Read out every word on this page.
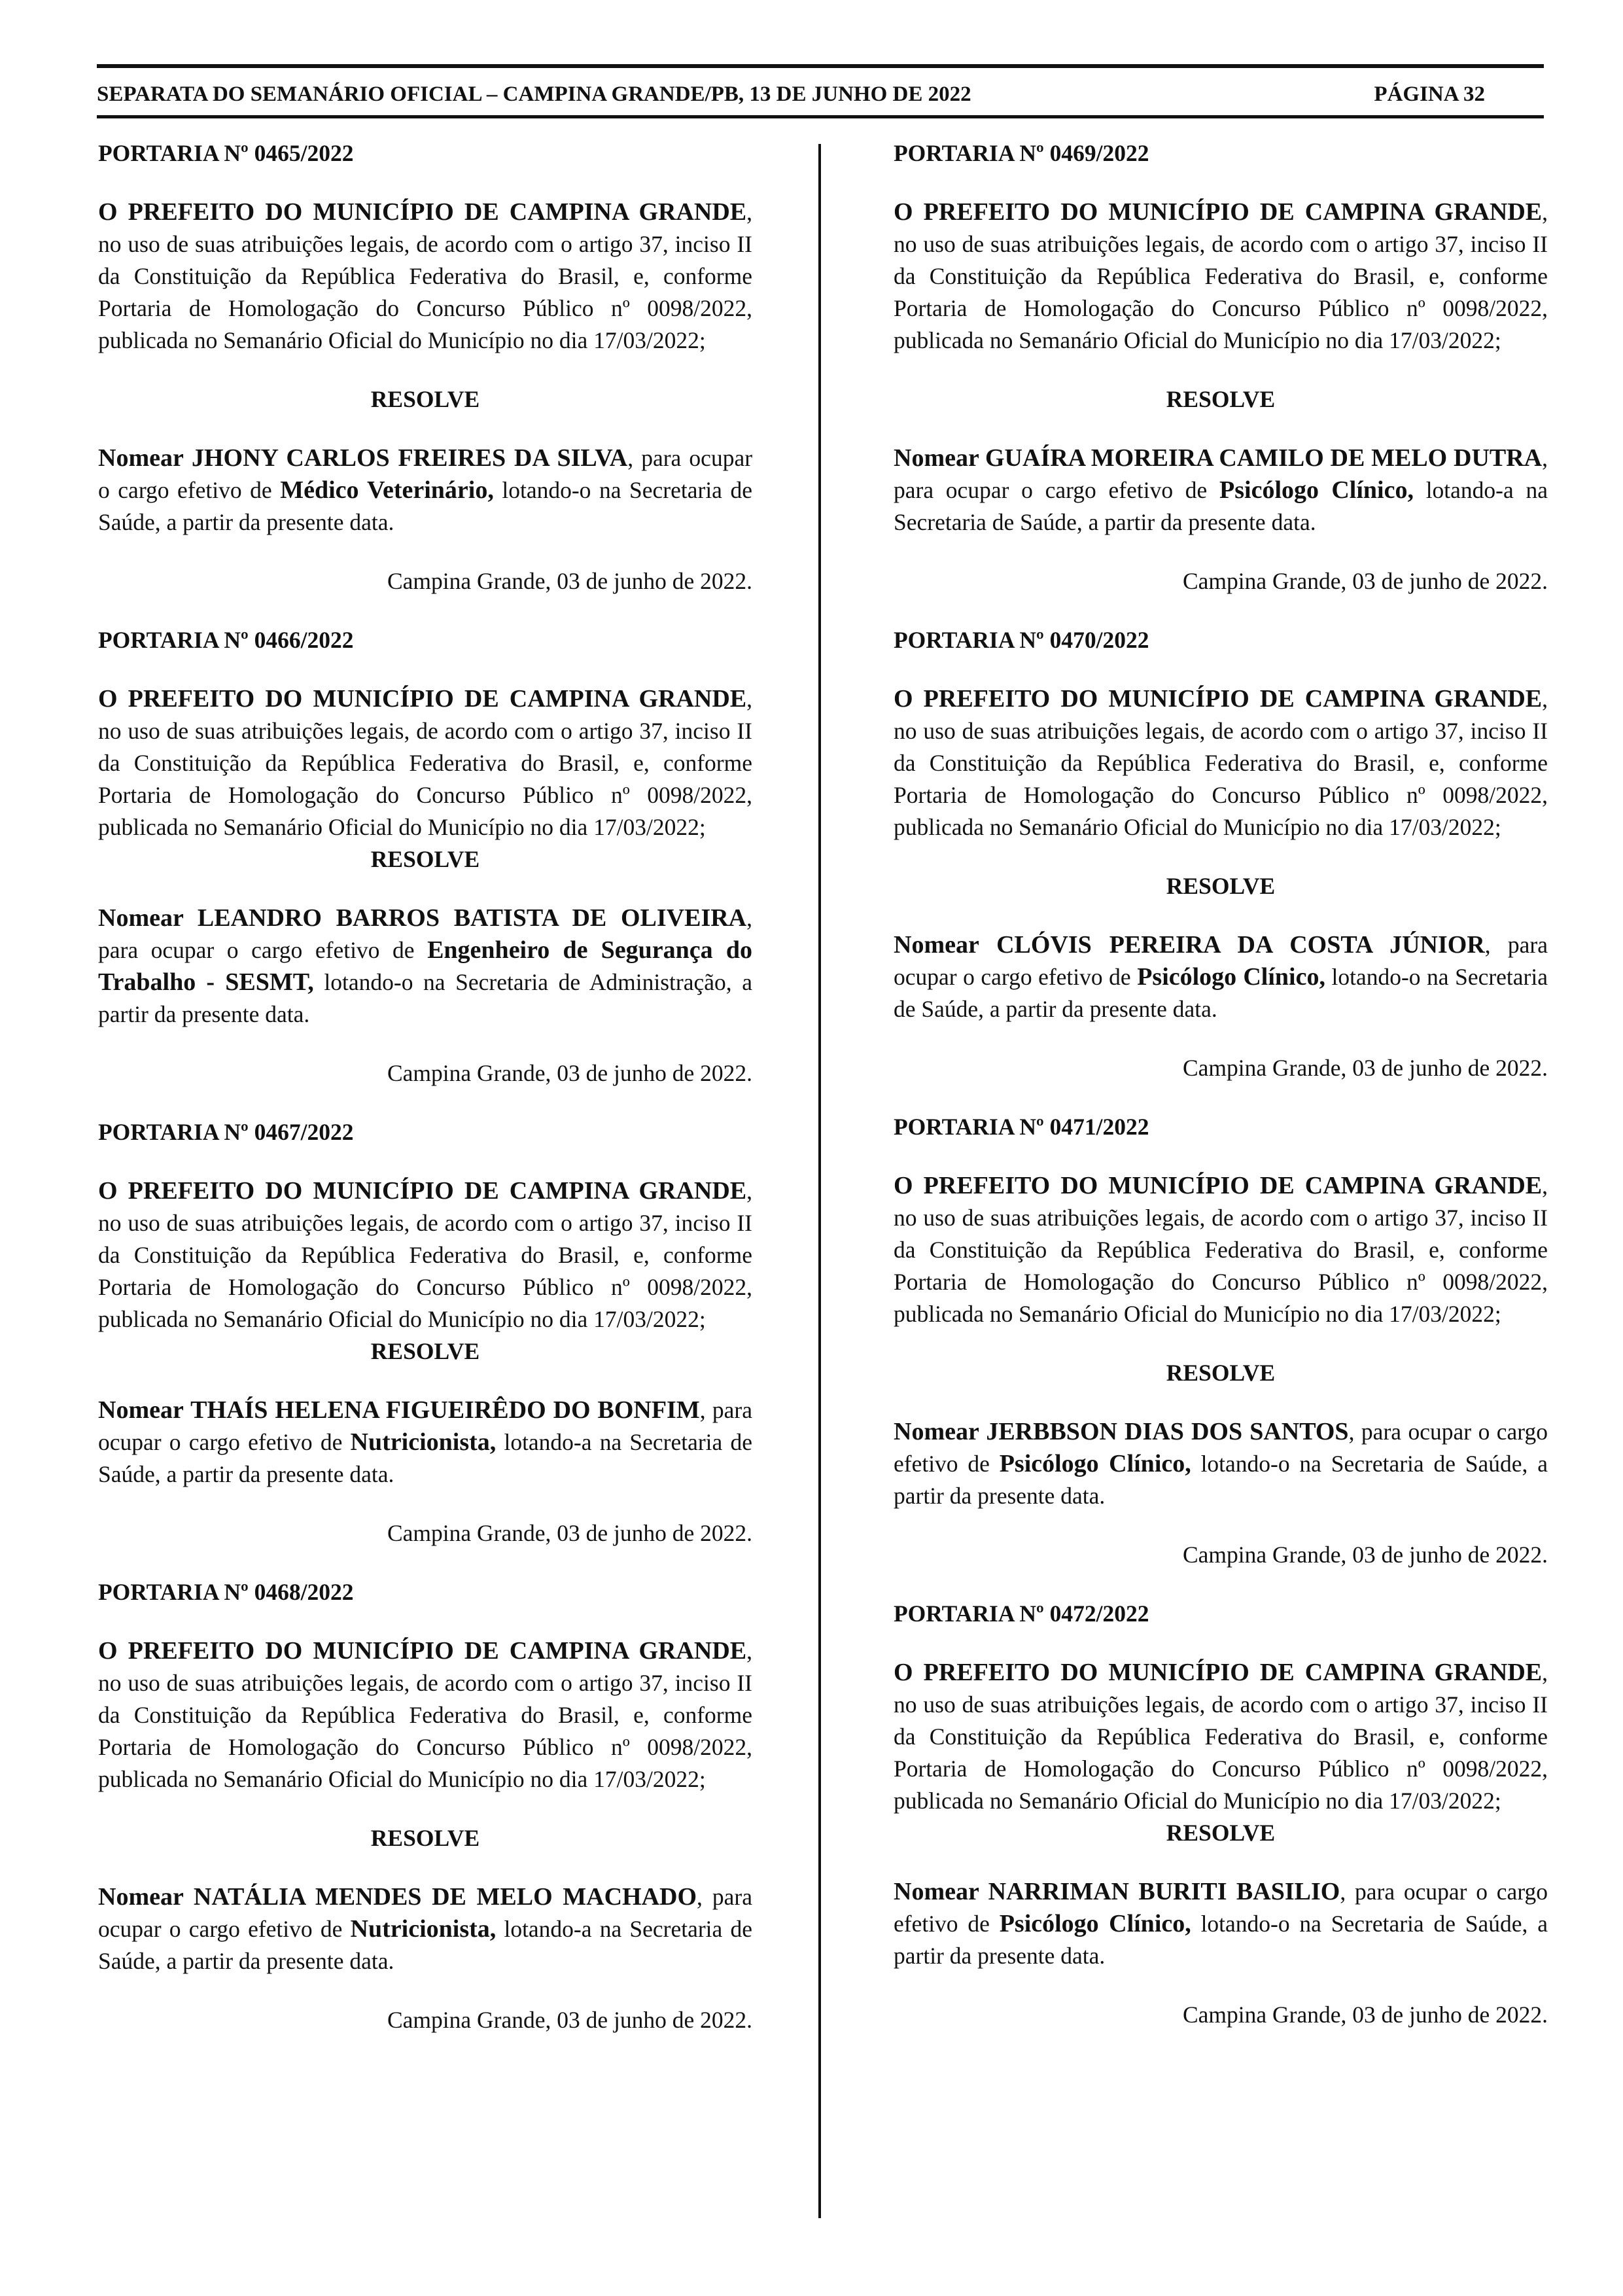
SEPARATA DO SEMANÁRIO OFICIAL – CAMPINA GRANDE/PB, 13 DE JUNHO DE 2022	PÁGINA 32

PORTARIA Nº 0465/2022

O PREFEITO DO MUNICÍPIO DE CAMPINA GRANDE, no uso de suas atribuições legais, de acordo com o artigo 37, inciso II da Constituição da República Federativa do Brasil, e, conforme Portaria de Homologação do Concurso Público nº 0098/2022, publicada no Semanário Oficial do Município no dia 17/03/2022;

RESOLVE

Nomear JHONY CARLOS FREIRES DA SILVA, para ocupar o cargo efetivo de Médico Veterinário, lotando-o na Secretaria de Saúde, a partir da presente data.

Campina Grande, 03 de junho de 2022.

PORTARIA Nº 0466/2022

O PREFEITO DO MUNICÍPIO DE CAMPINA GRANDE, no uso de suas atribuições legais, de acordo com o artigo 37, inciso II da Constituição da República Federativa do Brasil, e, conforme Portaria de Homologação do Concurso Público nº 0098/2022, publicada no Semanário Oficial do Município no dia 17/03/2022;

RESOLVE

Nomear LEANDRO BARROS BATISTA DE OLIVEIRA, para ocupar o cargo efetivo de Engenheiro de Segurança do Trabalho - SESMT, lotando-o na Secretaria de Administração, a partir da presente data.

Campina Grande, 03 de junho de 2022.

PORTARIA Nº 0467/2022

O PREFEITO DO MUNICÍPIO DE CAMPINA GRANDE, no uso de suas atribuições legais, de acordo com o artigo 37, inciso II da Constituição da República Federativa do Brasil, e, conforme Portaria de Homologação do Concurso Público nº 0098/2022, publicada no Semanário Oficial do Município no dia 17/03/2022;

RESOLVE

Nomear THAÍS HELENA FIGUEIRÊDO DO BONFIM, para ocupar o cargo efetivo de Nutricionista, lotando-a na Secretaria de Saúde, a partir da presente data.

Campina Grande, 03 de junho de 2022.

PORTARIA Nº 0468/2022

O PREFEITO DO MUNICÍPIO DE CAMPINA GRANDE, no uso de suas atribuições legais, de acordo com o artigo 37, inciso II da Constituição da República Federativa do Brasil, e, conforme Portaria de Homologação do Concurso Público nº 0098/2022, publicada no Semanário Oficial do Município no dia 17/03/2022;

RESOLVE

Nomear NATÁLIA MENDES DE MELO MACHADO, para ocupar o cargo efetivo de Nutricionista, lotando-a na Secretaria de Saúde, a partir da presente data.

Campina Grande, 03 de junho de 2022.

PORTARIA Nº 0469/2022

O PREFEITO DO MUNICÍPIO DE CAMPINA GRANDE, no uso de suas atribuições legais, de acordo com o artigo 37, inciso II da Constituição da República Federativa do Brasil, e, conforme Portaria de Homologação do Concurso Público nº 0098/2022, publicada no Semanário Oficial do Município no dia 17/03/2022;

RESOLVE

Nomear GUAÍRA MOREIRA CAMILO DE MELO DUTRA, para ocupar o cargo efetivo de Psicólogo Clínico, lotando-a na Secretaria de Saúde, a partir da presente data.

Campina Grande, 03 de junho de 2022.

PORTARIA Nº 0470/2022

O PREFEITO DO MUNICÍPIO DE CAMPINA GRANDE, no uso de suas atribuições legais, de acordo com o artigo 37, inciso II da Constituição da República Federativa do Brasil, e, conforme Portaria de Homologação do Concurso Público nº 0098/2022, publicada no Semanário Oficial do Município no dia 17/03/2022;

RESOLVE

Nomear CLÓVIS PEREIRA DA COSTA JÚNIOR, para ocupar o cargo efetivo de Psicólogo Clínico, lotando-o na Secretaria de Saúde, a partir da presente data.

Campina Grande, 03 de junho de 2022.

PORTARIA Nº 0471/2022

O PREFEITO DO MUNICÍPIO DE CAMPINA GRANDE, no uso de suas atribuições legais, de acordo com o artigo 37, inciso II da Constituição da República Federativa do Brasil, e, conforme Portaria de Homologação do Concurso Público nº 0098/2022, publicada no Semanário Oficial do Município no dia 17/03/2022;

RESOLVE

Nomear JERBBSON DIAS DOS SANTOS, para ocupar o cargo efetivo de Psicólogo Clínico, lotando-o na Secretaria de Saúde, a partir da presente data.

Campina Grande, 03 de junho de 2022.

PORTARIA Nº 0472/2022

O PREFEITO DO MUNICÍPIO DE CAMPINA GRANDE, no uso de suas atribuições legais, de acordo com o artigo 37, inciso II da Constituição da República Federativa do Brasil, e, conforme Portaria de Homologação do Concurso Público nº 0098/2022, publicada no Semanário Oficial do Município no dia 17/03/2022;

RESOLVE

Nomear NARRIMAN BURITI BASILIO, para ocupar o cargo efetivo de Psicólogo Clínico, lotando-o na Secretaria de Saúde, a partir da presente data.

Campina Grande, 03 de junho de 2022.
